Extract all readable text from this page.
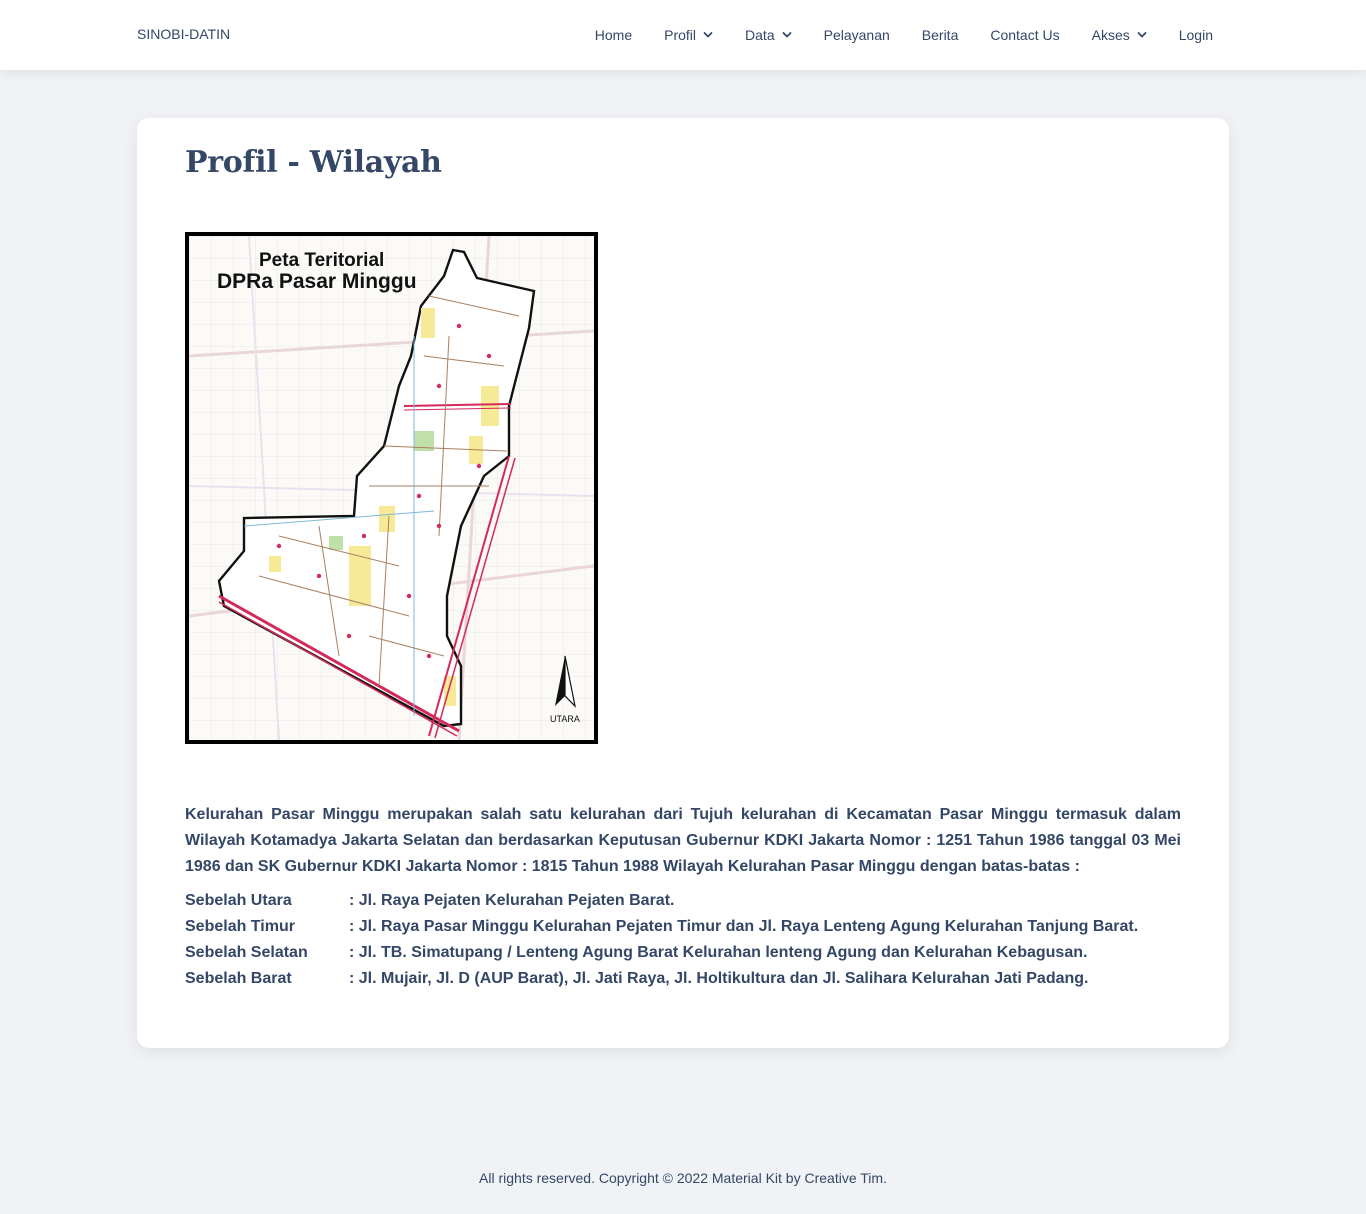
SINOBI-DATIN	Home Profil	Data	Pelayanan Berita Contact Us Akses	Login
Profil - Wilayah
Peta Teritorial
DPRa Pasar Minggu
UTARA

Kelurahan Pasar Minggu merupakan salah satu kelurahan dari Tujuh kelurahan di Kecamatan Pasar Minggu termasuk dalam Wilayah Kotamadya Jakarta Selatan dan berdasarkan Keputusan Gubernur KDKI Jakarta Nomor : 1251 Tahun 1986 tanggal 03 Mei 1986 dan SK Gubernur KDKI Jakarta Nomor : 1815 Tahun 1988 Wilayah Kelurahan Pasar Minggu dengan batas-batas :

Sebelah Utara	: Jl. Raya Pejaten Kelurahan Pejaten Barat.
Sebelah Timur	: Jl. Raya Pasar Minggu Kelurahan Pejaten Timur dan Jl. Raya Lenteng Agung Kelurahan Tanjung Barat.
Sebelah Selatan	: Jl. TB. Simatupang / Lenteng Agung Barat Kelurahan lenteng Agung dan Kelurahan Kebagusan.
Sebelah Barat	: Jl. Mujair, Jl. D (AUP Barat), Jl. Jati Raya, Jl. Holtikultura dan Jl. Salihara Kelurahan Jati Padang.
All rights reserved. Copyright © 2022 Material Kit by Creative Tim.
